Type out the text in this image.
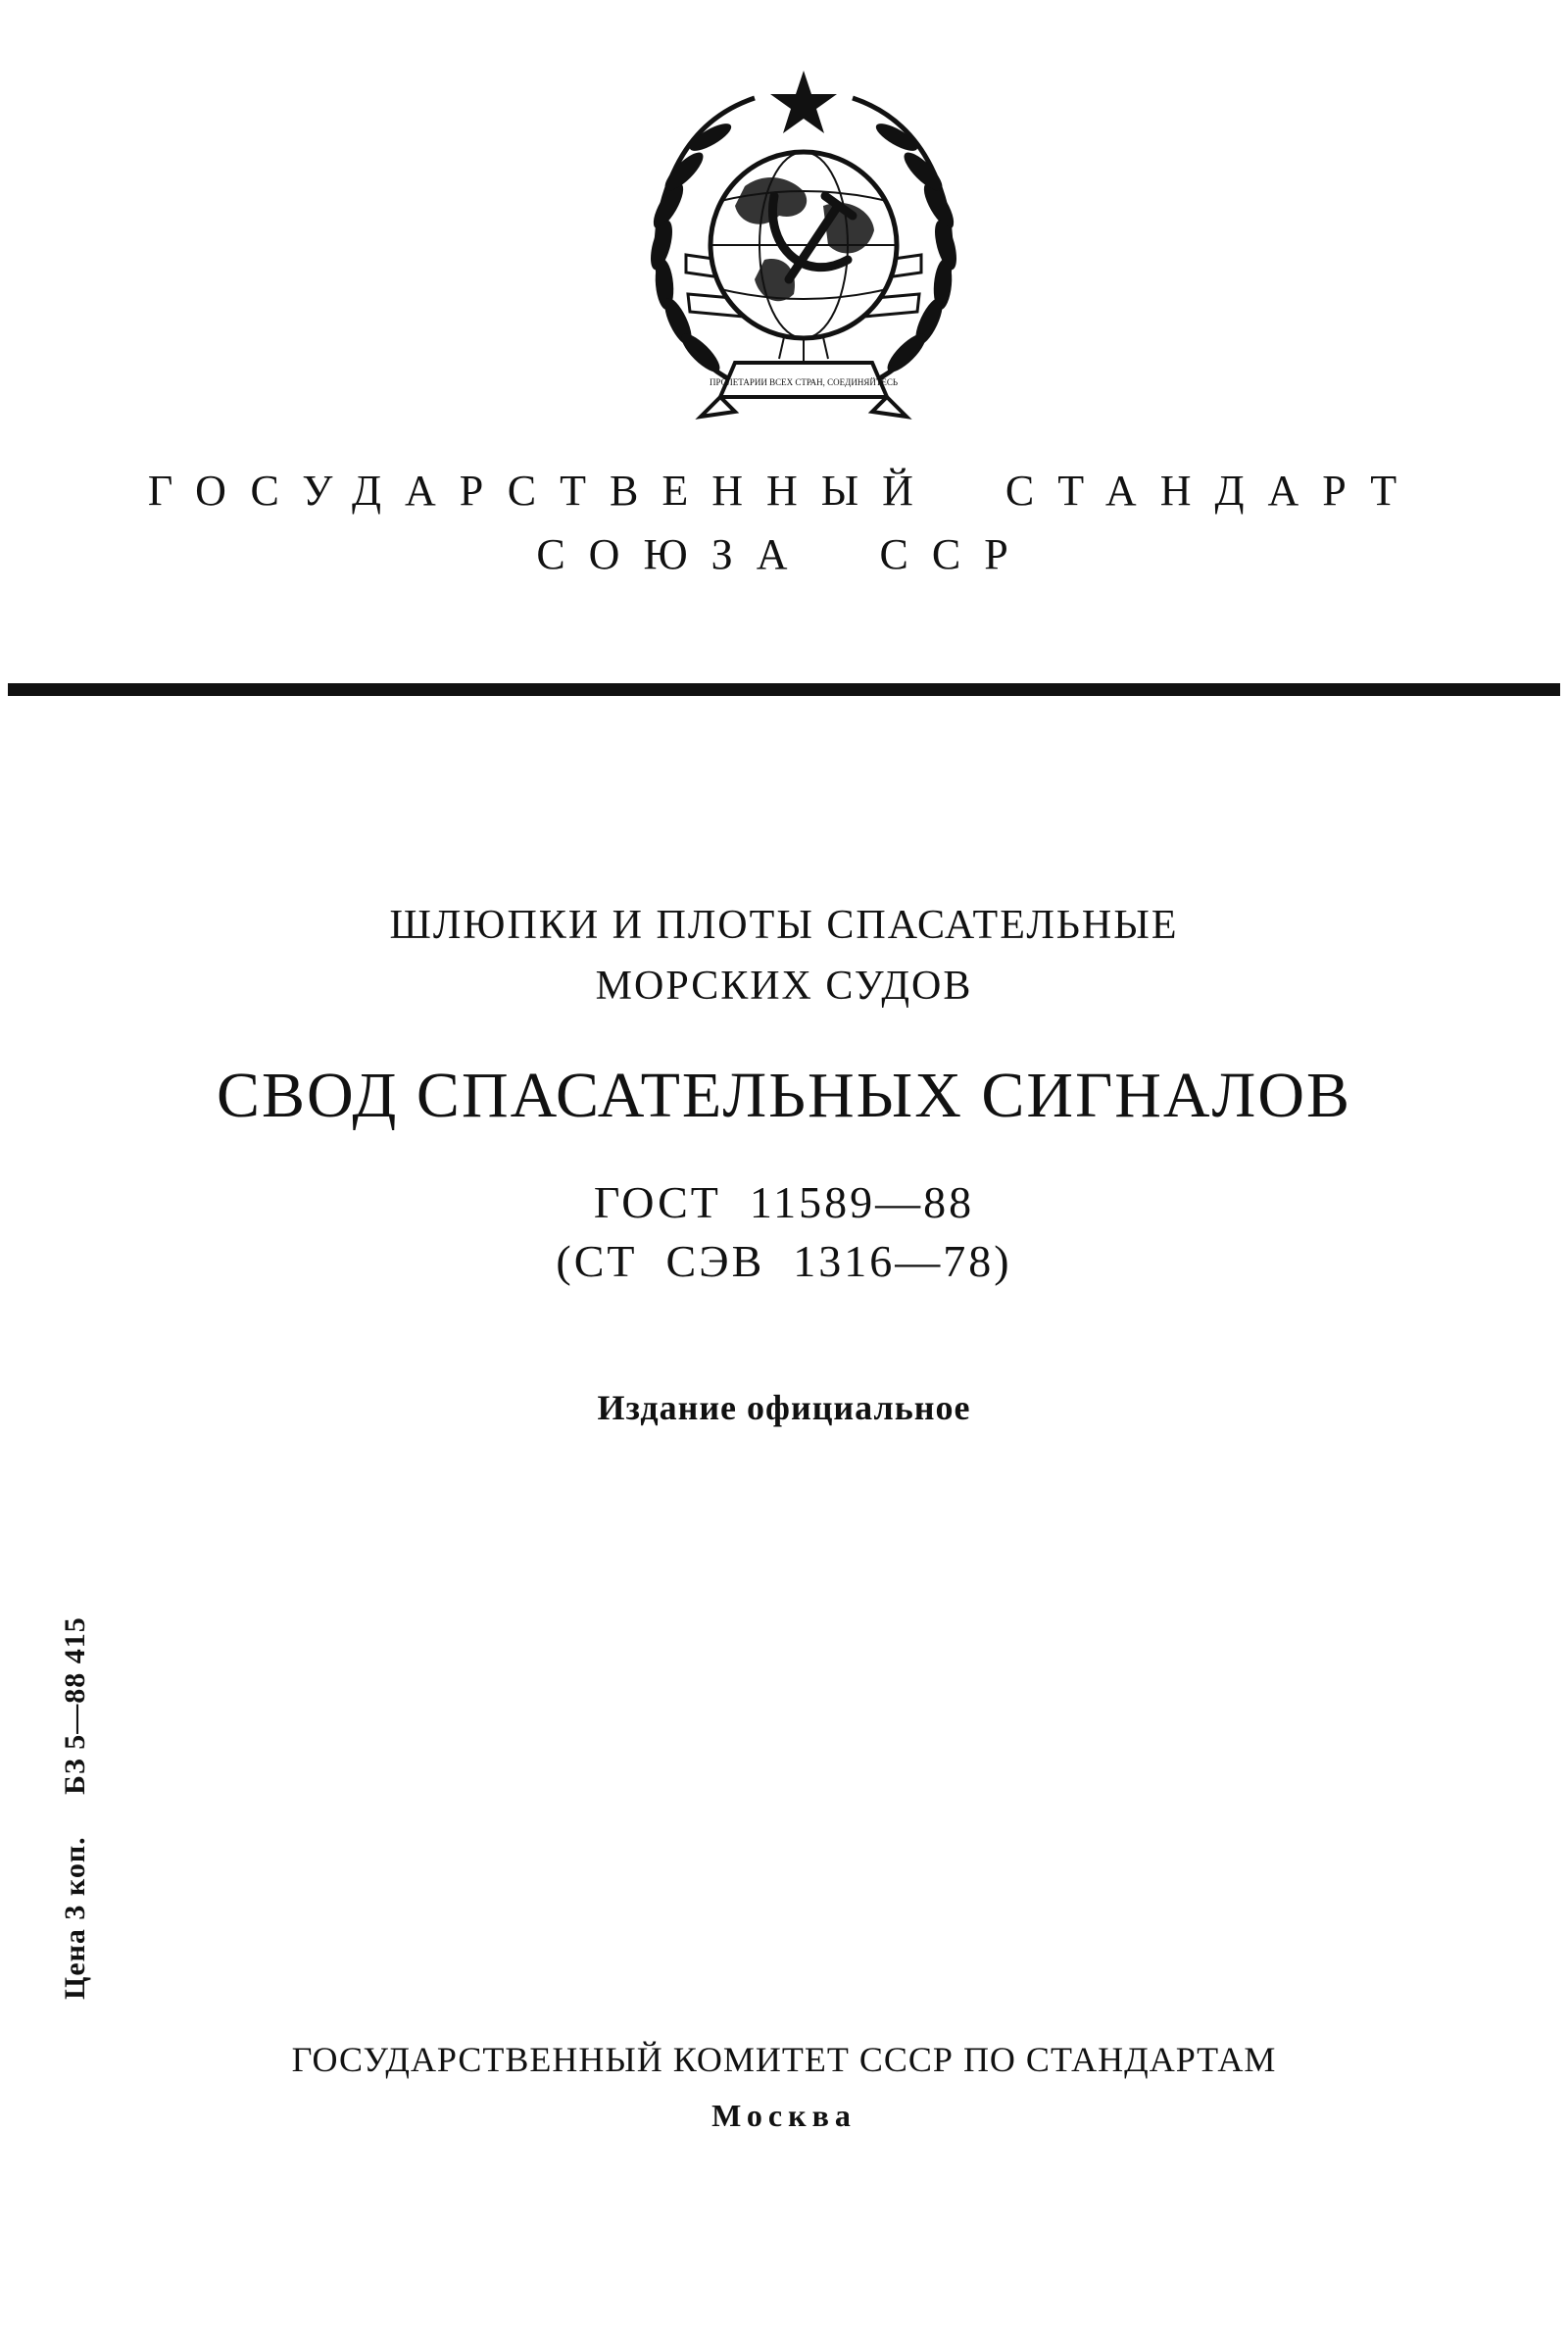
ПРОЛЕТАРИИ ВСЕХ СТРАН, СОЕДИНЯЙТЕСЬ
ГОСУДАРСТВЕННЫЙ  СТАНДАРТ
СОЮЗА  ССР
ШЛЮПКИ И ПЛОТЫ СПАСАТЕЛЬНЫЕ
МОРСКИХ СУДОВ
СВОД СПАСАТЕЛЬНЫХ СИГНАЛОВ
ГОСТ  11589—88
(СТ  СЭВ  1316—78)
Издание официальное
Цена 3 коп.     БЗ 5—88 415
ГОСУДАРСТВЕННЫЙ КОМИТЕТ СССР ПО СТАНДАРТАМ
Москва
